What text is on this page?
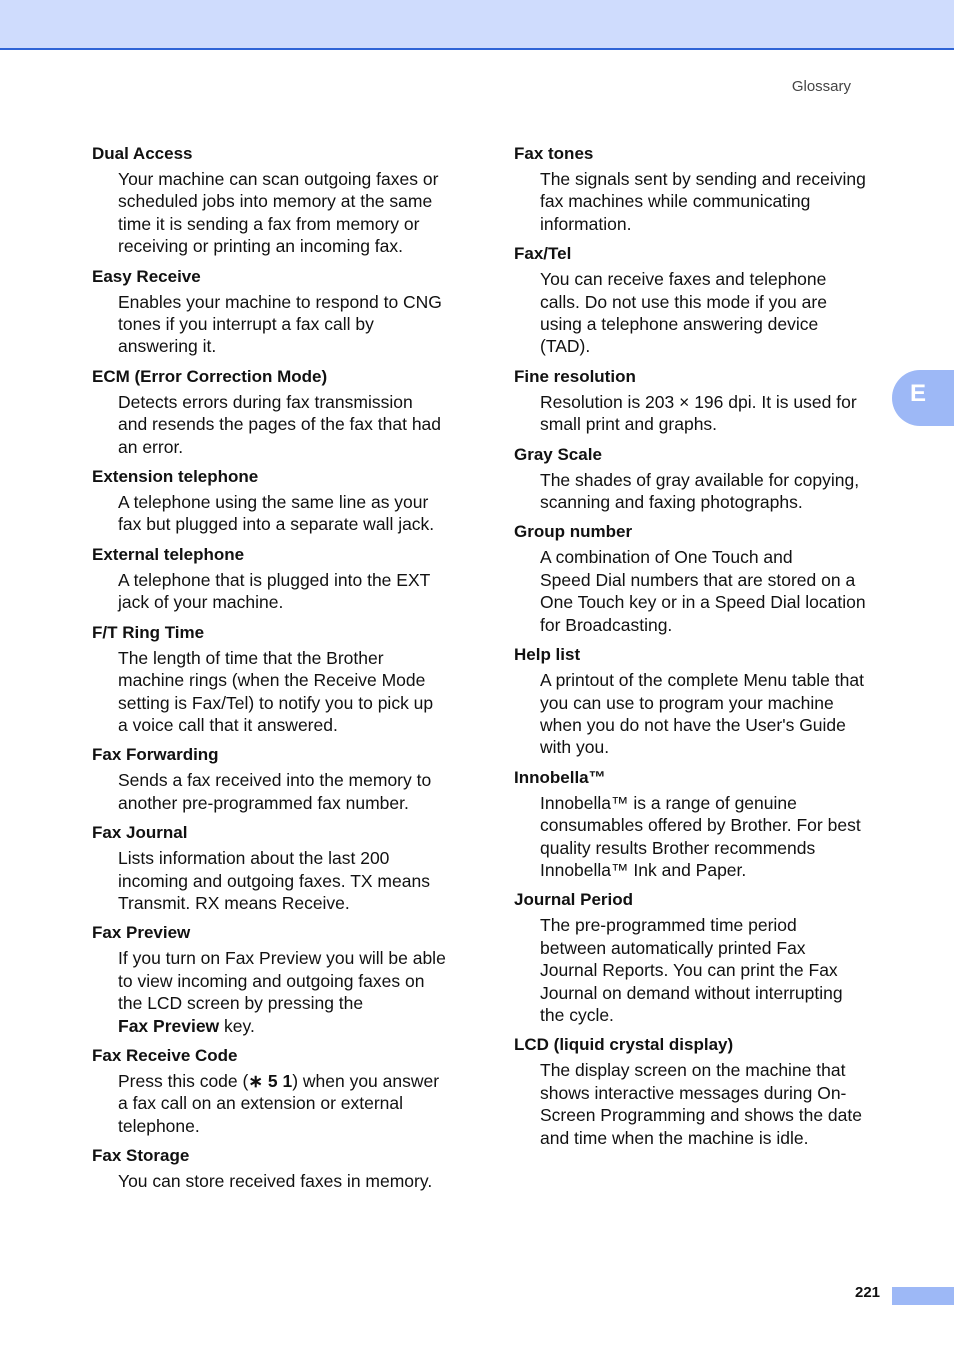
Glossary
E
Dual Access
Your machine can scan outgoing faxes or
scheduled jobs into memory at the same
time it is sending a fax from memory or
receiving or printing an incoming fax.
Easy Receive
Enables your machine to respond to CNG
tones if you interrupt a fax call by
answering it.
ECM (Error Correction Mode)
Detects errors during fax transmission
and resends the pages of the fax that had
an error.
Extension telephone
A telephone using the same line as your
fax but plugged into a separate wall jack.
External telephone
A telephone that is plugged into the EXT
jack of your machine.
F/T Ring Time
The length of time that the Brother
machine rings (when the Receive Mode
setting is Fax/Tel) to notify you to pick up
a voice call that it answered.
Fax Forwarding
Sends a fax received into the memory to
another pre-programmed fax number.
Fax Journal
Lists information about the last 200
incoming and outgoing faxes. TX means
Transmit. RX means Receive.
Fax Preview
If you turn on Fax Preview you will be able
to view incoming and outgoing faxes on
the LCD screen by pressing the
Fax Preview key.
Fax Receive Code
Press this code (∗ 5 1) when you answer
a fax call on an extension or external
telephone.
Fax Storage
You can store received faxes in memory.
Fax tones
The signals sent by sending and receiving
fax machines while communicating
information.
Fax/Tel
You can receive faxes and telephone
calls. Do not use this mode if you are
using a telephone answering device
(TAD).
Fine resolution
Resolution is 203 × 196 dpi. It is used for
small print and graphs.
Gray Scale
The shades of gray available for copying,
scanning and faxing photographs.
Group number
A combination of One Touch and
Speed Dial numbers that are stored on a
One Touch key or in a Speed Dial location
for Broadcasting.
Help list
A printout of the complete Menu table that
you can use to program your machine
when you do not have the User's Guide
with you.
Innobella™
Innobella™ is a range of genuine
consumables offered by Brother. For best
quality results Brother recommends
Innobella™ Ink and Paper.
Journal Period
The pre-programmed time period
between automatically printed Fax
Journal Reports. You can print the Fax
Journal on demand without interrupting
the cycle.
LCD (liquid crystal display)
The display screen on the machine that
shows interactive messages during On-
Screen Programming and shows the date
and time when the machine is idle.
221
